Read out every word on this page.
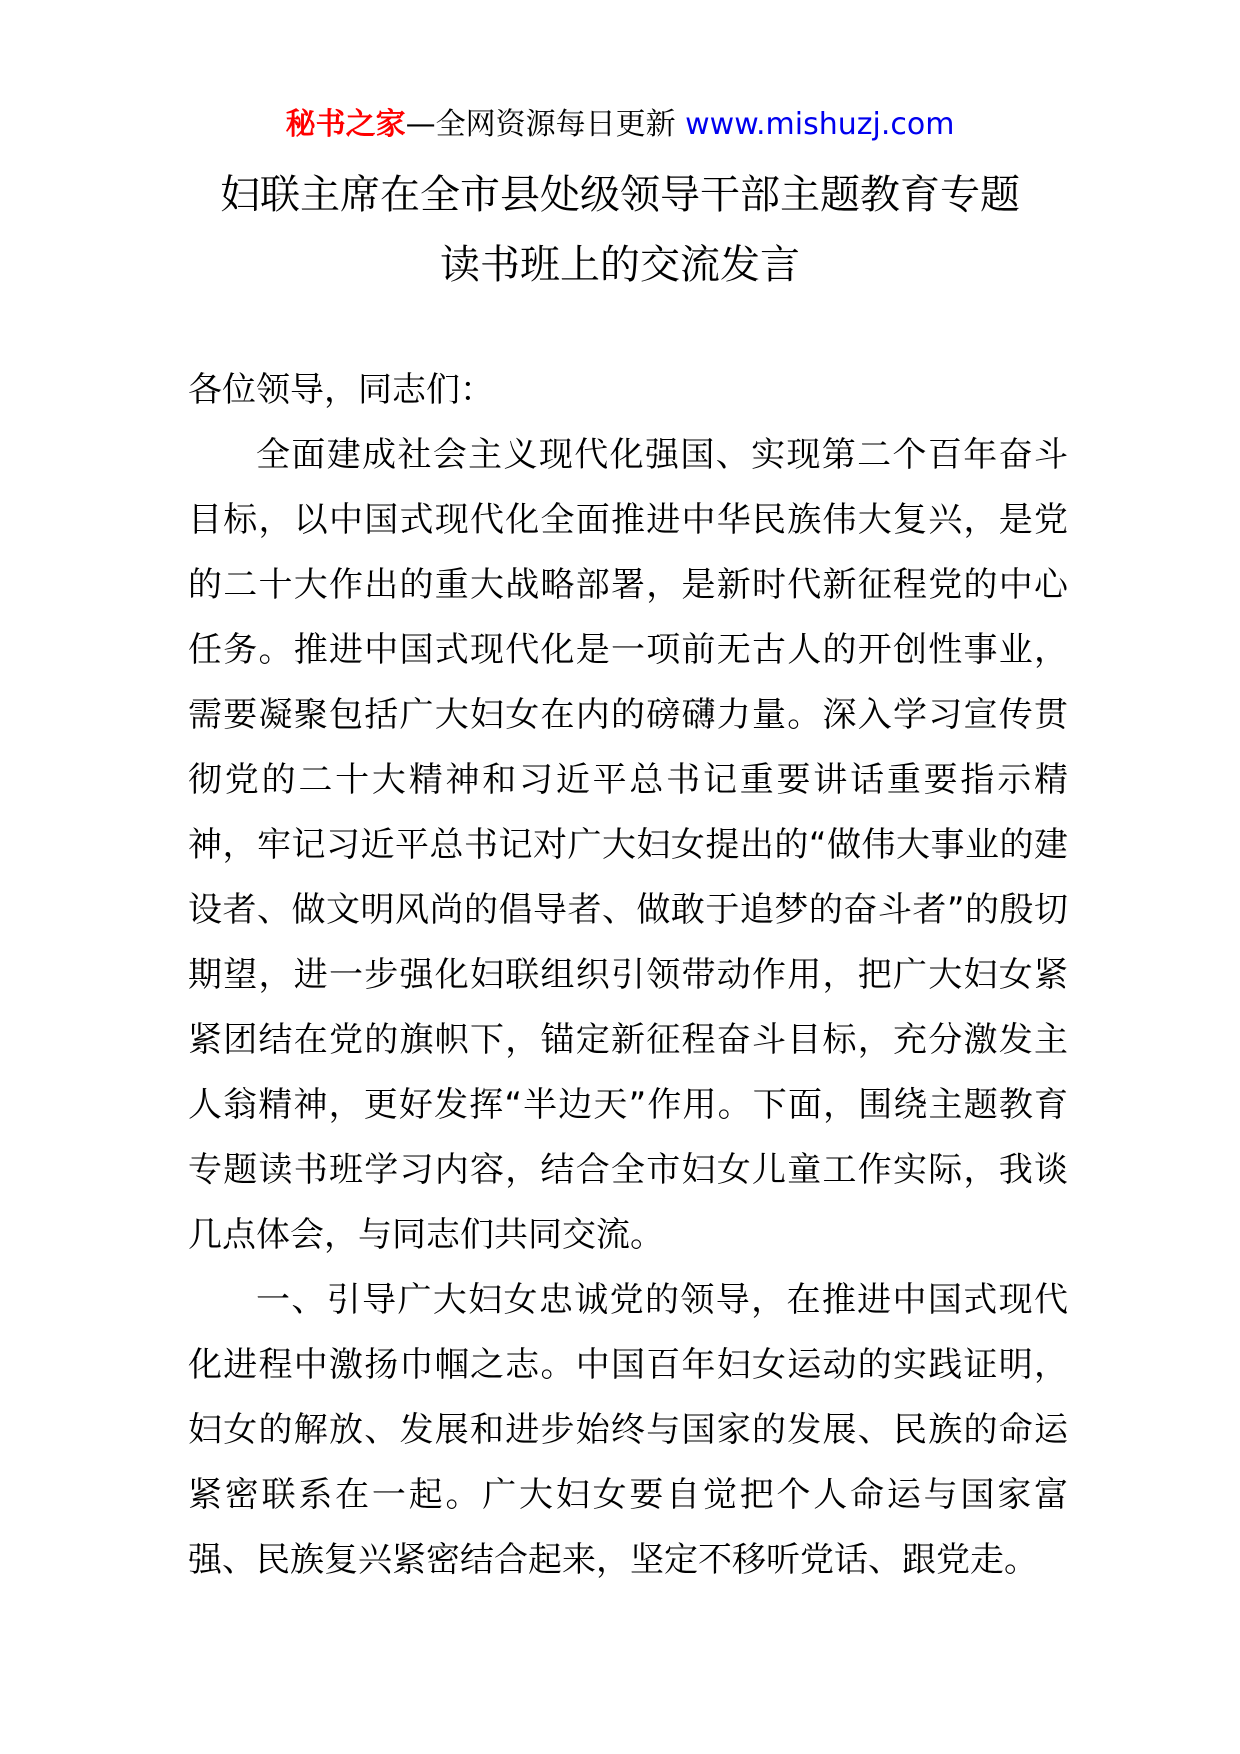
秘书之家—全网资源每日更新 www.mishuzj.com
妇联主席在全市县处级领导干部主题教育专题
读书班上的交流发言

各位领导，同志们：

全面建成社会主义现代化强国、实现第二个百年奋斗目标，以中国式现代化全面推进中华民族伟大复兴，是党的二十大作出的重大战略部署，是新时代新征程党的中心任务。推进中国式现代化是一项前无古人的开创性事业，需要凝聚包括广大妇女在内的磅礴力量。深入学习宣传贯彻党的二十大精神和习近平总书记重要讲话重要指示精神，牢记习近平总书记对广大妇女提出的“做伟大事业的建设者、做文明风尚的倡导者、做敢于追梦的奋斗者”的殷切期望，进一步强化妇联组织引领带动作用，把广大妇女紧紧团结在党的旗帜下，锚定新征程奋斗目标，充分激发主人翁精神，更好发挥“半边天”作用。下面，围绕主题教育专题读书班学习内容，结合全市妇女儿童工作实际，我谈几点体会，与同志们共同交流。

一、引导广大妇女忠诚党的领导，在推进中国式现代化进程中激扬巾帼之志。中国百年妇女运动的实践证明，妇女的解放、发展和进步始终与国家的发展、民族的命运紧密联系在一起。广大妇女要自觉把个人命运与国家富强、民族复兴紧密结合起来，坚定不移听党话、跟党走。
